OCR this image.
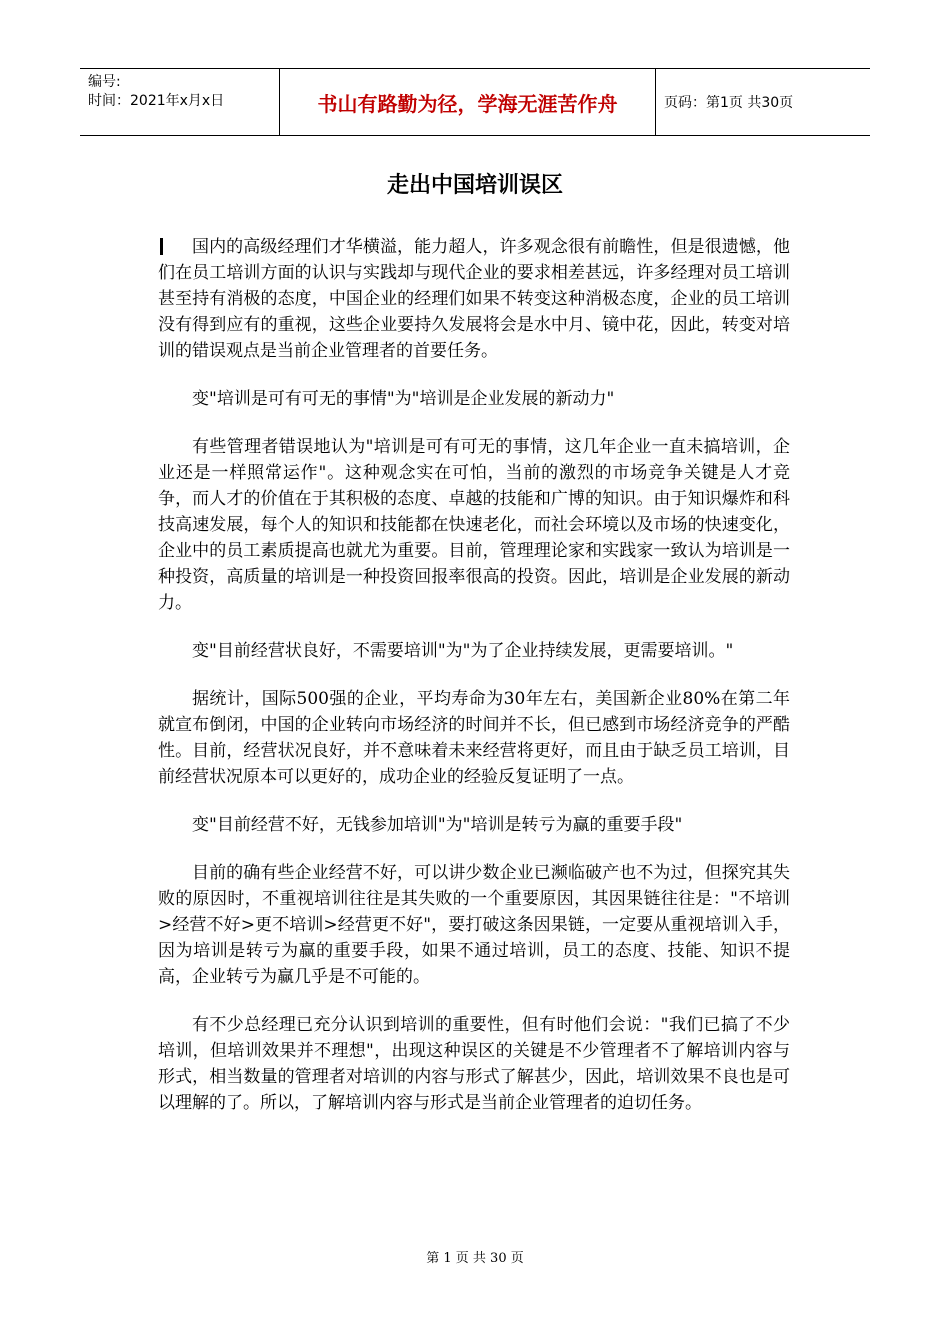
编号:
时间：2021年x月x日	书山有路勤为径，学海无涯苦作舟	页码：第1页 共30页
走出中国培训误区

国内的高级经理们才华横溢，能力超人，许多观念很有前瞻性，但是很遗憾，他们在员工培训方面的认识与实践却与现代企业的要求相差甚远，许多经理对员工培训甚至持有消极的态度，中国企业的经理们如果不转变这种消极态度，企业的员工培训没有得到应有的重视，这些企业要持久发展将会是水中月、镜中花，因此，转变对培训的错误观点是当前企业管理者的首要任务。

变"培训是可有可无的事情"为"培训是企业发展的新动力"

有些管理者错误地认为"培训是可有可无的事情，这几年企业一直未搞培训，企业还是一样照常运作"。这种观念实在可怕，当前的激烈的市场竞争关键是人才竞争，而人才的价值在于其积极的态度、卓越的技能和广博的知识。由于知识爆炸和科技高速发展，每个人的知识和技能都在快速老化，而社会环境以及市场的快速变化，企业中的员工素质提高也就尤为重要。目前，管理理论家和实践家一致认为培训是一种投资，高质量的培训是一种投资回报率很高的投资。因此，培训是企业发展的新动力。

变"目前经营状良好，不需要培训"为"为了企业持续发展，更需要培训。"

据统计，国际500强的企业，平均寿命为30年左右，美国新企业80%在第二年就宣布倒闭，中国的企业转向市场经济的时间并不长，但已感到市场经济竞争的严酷性。目前，经营状况良好，并不意味着未来经营将更好，而且由于缺乏员工培训，目前经营状况原本可以更好的，成功企业的经验反复证明了一点。

变"目前经营不好，无钱参加培训"为"培训是转亏为赢的重要手段"

目前的确有些企业经营不好，可以讲少数企业已濒临破产也不为过，但探究其失败的原因时，不重视培训往往是其失败的一个重要原因，其因果链往往是："不培训>经营不好>更不培训>经营更不好"，要打破这条因果链，一定要从重视培训入手，因为培训是转亏为赢的重要手段，如果不通过培训，员工的态度、技能、知识不提高，企业转亏为赢几乎是不可能的。

有不少总经理已充分认识到培训的重要性，但有时他们会说："我们已搞了不少培训，但培训效果并不理想"，出现这种误区的关键是不少管理者不了解培训内容与形式，相当数量的管理者对培训的内容与形式了解甚少，因此，培训效果不良也是可以理解的了。所以，了解培训内容与形式是当前企业管理者的迫切任务。

第 1 页 共 30 页
